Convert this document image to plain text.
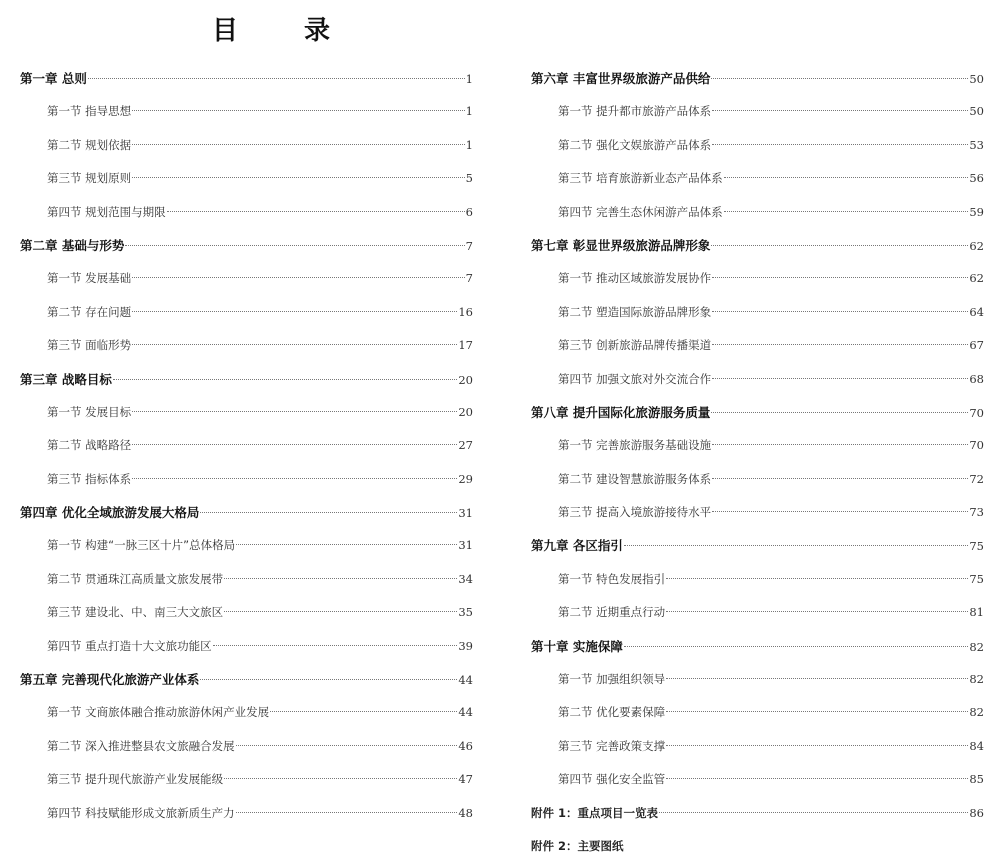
目　录
第一章 总则	1
第一节 指导思想	1
第二节 规划依据	1
第三节 规划原则	5
第四节 规划范围与期限	6
第二章 基础与形势	7
第一节 发展基础	7
第二节 存在问题	16
第三节 面临形势	17
第三章 战略目标	20
第一节 发展目标	20
第二节 战略路径	27
第三节 指标体系	29
第四章 优化全域旅游发展大格局	31
第一节 构建“一脉三区十片”总体格局	31
第二节 贯通珠江高质量文旅发展带	34
第三节 建设北、中、南三大文旅区	35
第四节 重点打造十大文旅功能区	39
第五章 完善现代化旅游产业体系	44
第一节 文商旅体融合推动旅游休闲产业发展	44
第二节 深入推进整县农文旅融合发展	46
第三节 提升现代旅游产业发展能级	47
第四节 科技赋能形成文旅新质生产力	48
第六章 丰富世界级旅游产品供给	50
第一节 提升都市旅游产品体系	50
第二节 强化文娱旅游产品体系	53
第三节 培育旅游新业态产品体系	56
第四节 完善生态休闲游产品体系	59
第七章 彰显世界级旅游品牌形象	62
第一节 推动区域旅游发展协作	62
第二节 塑造国际旅游品牌形象	64
第三节 创新旅游品牌传播渠道	67
第四节 加强文旅对外交流合作	68
第八章 提升国际化旅游服务质量	70
第一节 完善旅游服务基础设施	70
第二节 建设智慧旅游服务体系	72
第三节 提高入境旅游接待水平	73
第九章 各区指引	75
第一节 特色发展指引	75
第二节 近期重点行动	81
第十章 实施保障	82
第一节 加强组织领导	82
第二节 优化要素保障	82
第三节 完善政策支撑	84
第四节 强化安全监管	85
附件 1：重点项目一览表	86
附件 2：主要图纸
